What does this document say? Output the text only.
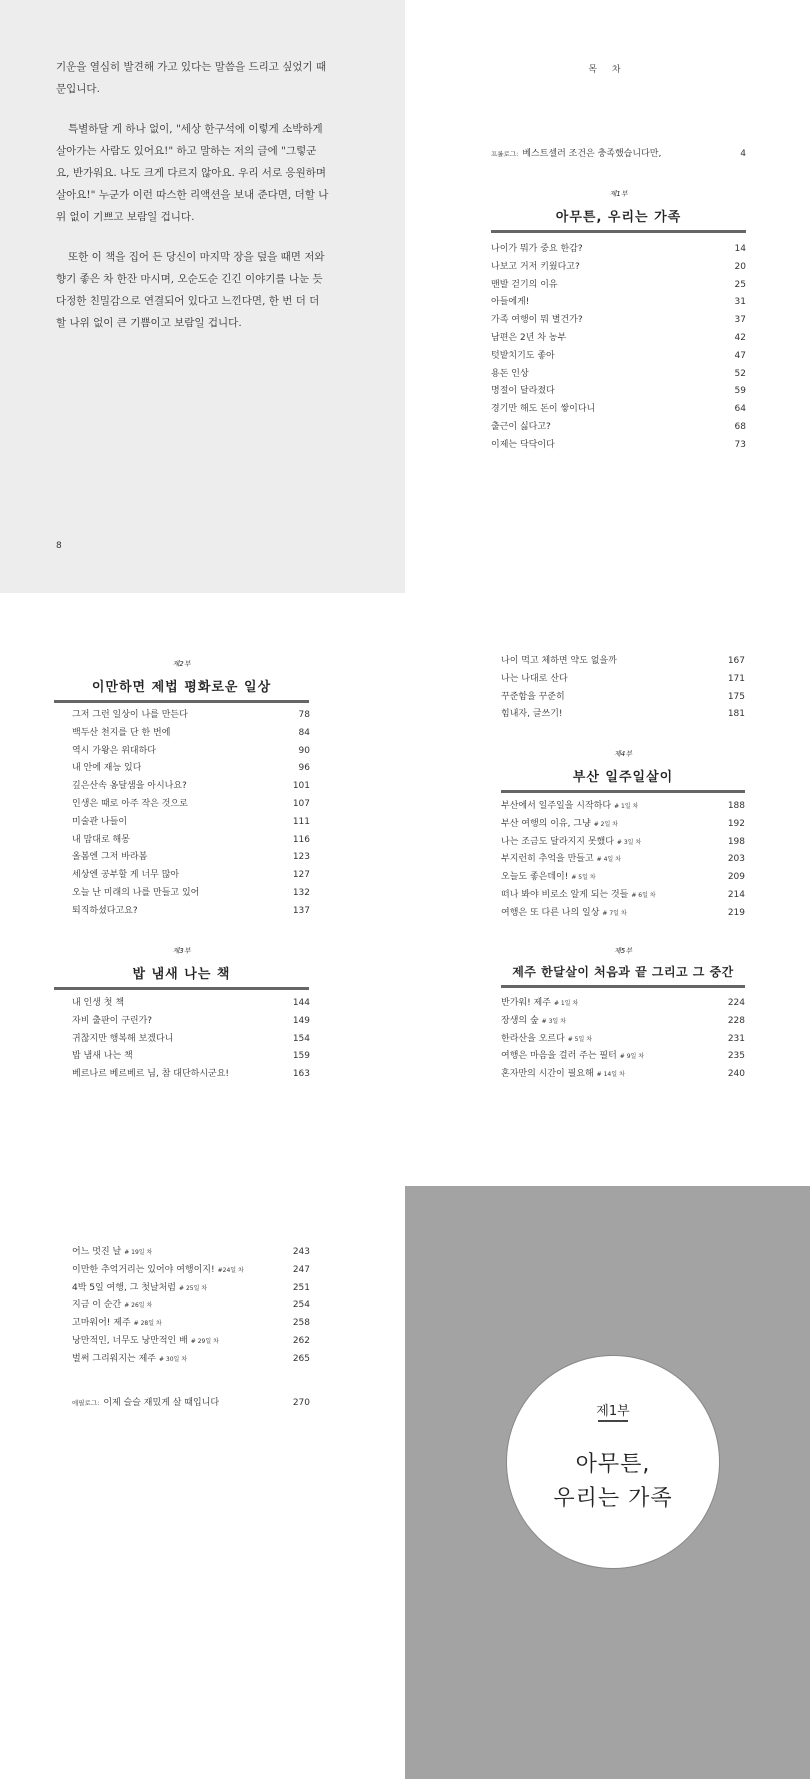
기운을 열심히 발견해 가고 있다는 말씀을 드리고 싶었기 때문입니다.

특별하달 게 하나 없이, "세상 한구석에 이렇게 소박하게 살아가는 사람도 있어요!" 하고 말하는 저의 글에 "그렇군요, 반가워요. 나도 크게 다르지 않아요. 우리 서로 응원하며 살아요!" 누군가 이런 따스한 리액션을 보내 준다면, 더할 나위 없이 기쁘고 보람일 겁니다.

또한 이 책을 집어 든 당신이 마지막 장을 덮을 때면 저와 향기 좋은 차 한잔 마시며, 오순도순 긴긴 이야기를 나눈 듯 다정한 친밀감으로 연결되어 있다고 느낀다면, 한 번 더 더할 나위 없이 큰 기쁨이고 보람일 겁니다.

8
목 차
프롤로그: 베스트셀러 조건은 충족했습니다만,	4
제1부
아무튼, 우리는 가족
나이가 뭐가 중요 한감?	14
나보고 거저 키웠다고?	20
맨발 걷기의 이유	25
아들에게!	31
가족 여행이 뭐 별건가?	37
남편은 2년 차 농부	42
텃밭치기도 좋아	47
용돈 인상	52
명절이 달라졌다	59
경기만 해도 돈이 쌓이다니	64
출근이 싫다고?	68
이제는 닥닥이다	73
제2부
이만하면 제법 평화로운 일상
그저 그런 일상이 나를 만든다	78
백두산 천지를 단 한 번에	84
역시 가왕은 위대하다	90
내 안에 재능 있다	96
깊은산속 옹달샘을 아시나요?	101
인생은 때로 아주 작은 것으로	107
미술관 나들이	111
내 맘대로 해몽	116
올봄엔 그저 바라봄	123
세상엔 공부할 게 너무 많아	127
오늘 난 미래의 나를 만들고 있어	132
퇴직하셨다고요?	137
제3부
밥 냄새 나는 책
내 인생 첫 책	144
자비 출판이 구린가?	149
귀찮지만 행복해 보겠다니	154
밥 냄새 나는 책	159
베르나르 베르베르 님, 참 대단하시군요!	163
나이 먹고 체하면 약도 없을까	167
나는 나대로 산다	171
꾸준함을 꾸준히	175
힘내자, 글쓰기!	181
제4부
부산 일주일살이
부산에서 일주일을 시작하다 # 1일 차	188
부산 여행의 이유, 그냥 # 2일 차	192
나는 조금도 달라지지 못했다 # 3일 차	198
부지런히 추억을 만들고 # 4일 차	203
오늘도 좋은데이! # 5일 차	209
떠나 봐야 비로소 알게 되는 것들 # 6일 차	214
여행은 또 다른 나의 일상 # 7일 차	219
제5부
제주 한달살이 처음과 끝 그리고 그 중간
반가워! 제주 # 1일 차	224
장생의 숲 # 3일 차	228
한라산을 오르다 # 5일 차	231
여행은 마음을 걸러 주는 필터 # 9일 차	235
혼자만의 시간이 필요해 # 14일 차	240
어느 멋진 날 # 19일 차	243
이만한 추억거리는 있어야 여행이지! #24일 차	247
4박 5일 여행, 그 첫날처럼 # 25일 차	251
지금 이 순간 # 26일 차	254
고마워어! 제주 # 28일 차	258
낭만적인, 너무도 낭만적인 배 # 29일 차	262
벌써 그리워지는 제주 # 30일 차	265
에필로그: 이제 슬슬 재밌게 살 때입니다	270
제1부
아무튼,
우리는 가족
